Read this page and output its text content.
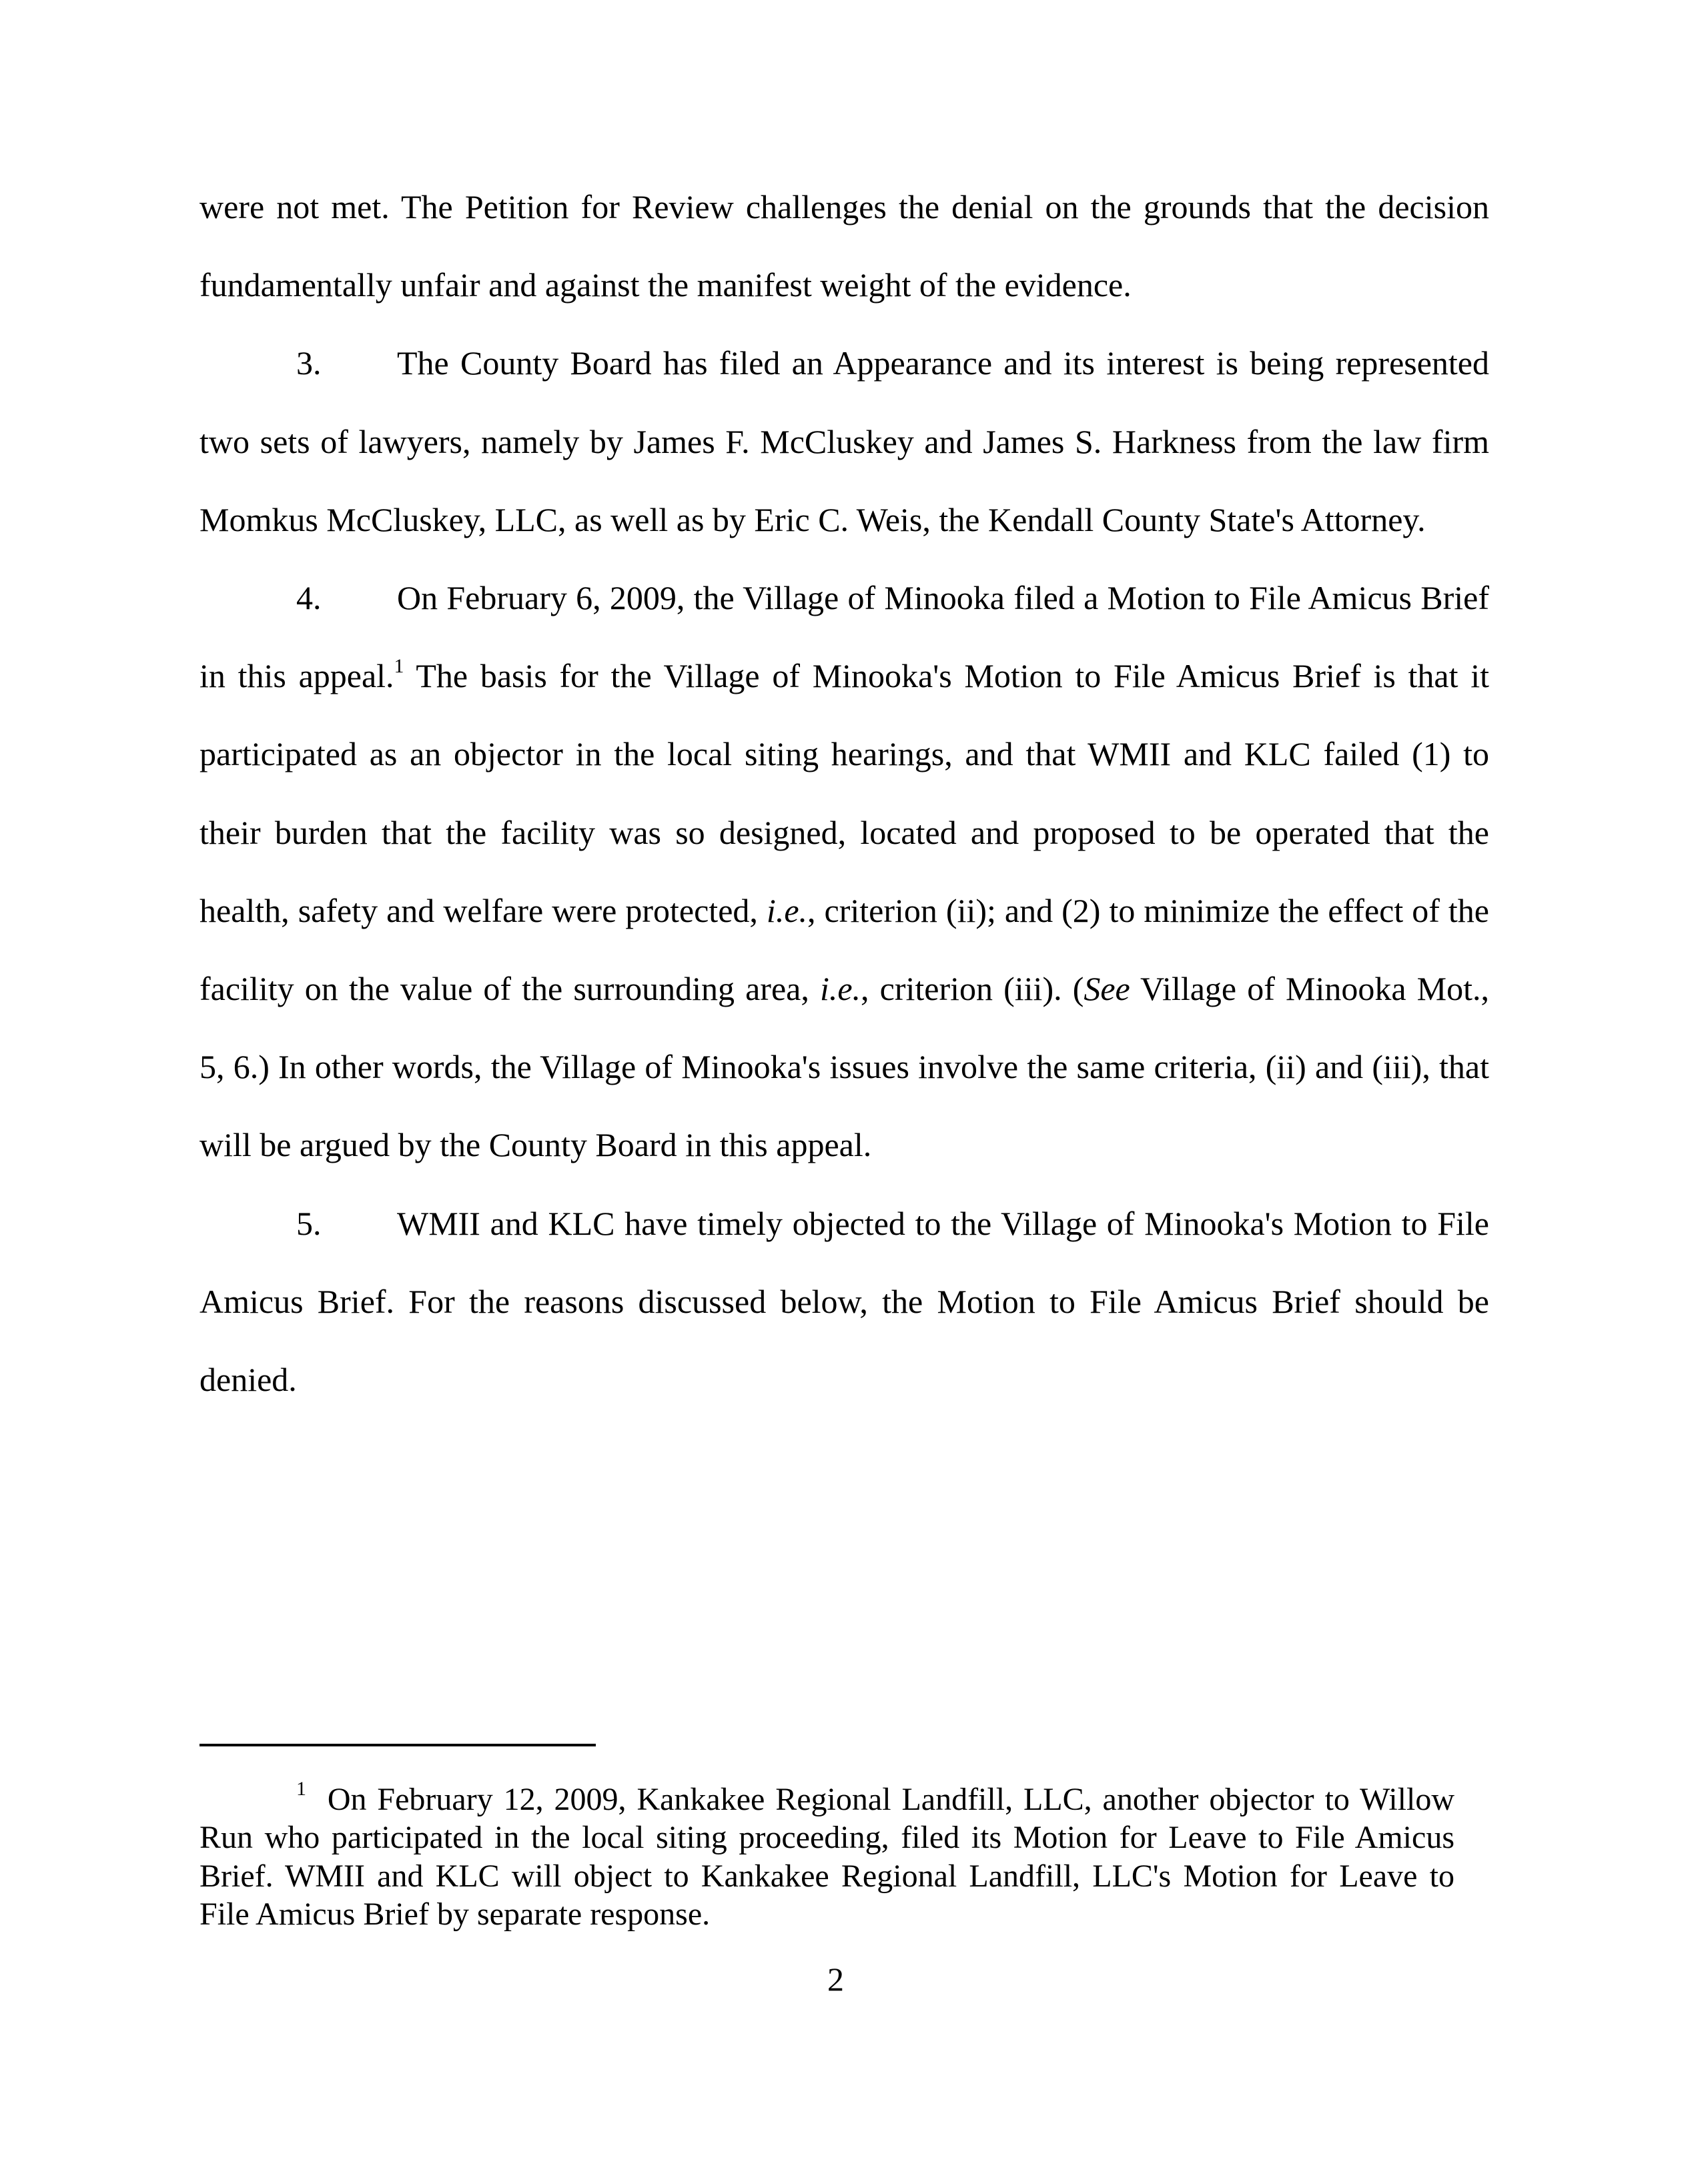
were not met. The Petition for Review challenges the denial on the grounds that the decision
fundamentally unfair and against the manifest weight of the evidence.
3. The County Board has filed an Appearance and its interest is being represented
two sets of lawyers, namely by James F. McCluskey and James S. Harkness from the law firm
Momkus McCluskey, LLC, as well as by Eric C. Weis, the Kendall County State's Attorney.
4. On February 6, 2009, the Village of Minooka filed a Motion to File Amicus Brief
in this appeal.$^1$ The basis for the Village of Minooka's Motion to File Amicus Brief is that it
participated as an objector in the local siting hearings, and that WMII and KLC failed (1) to
their burden that the facility was so designed, located and proposed to be operated that the
health, safety and welfare were protected, i.e., criterion (ii); and (2) to minimize the effect of the
facility on the value of the surrounding area, i.e., criterion (iii). (See Village of Minooka Mot.,
5, 6.) In other words, the Village of Minooka's issues involve the same criteria, (ii) and (iii), that
will be argued by the County Board in this appeal.
5. WMII and KLC have timely objected to the Village of Minooka's Motion to File
Amicus Brief. For the reasons discussed below, the Motion to File Amicus Brief should be
denied.
$^1$ On February 12, 2009, Kankakee Regional Landfill, LLC, another objector to Willow
Run who participated in the local siting proceeding, filed its Motion for Leave to File Amicus
Brief. WMII and KLC will object to Kankakee Regional Landfill, LLC's Motion for Leave to
File Amicus Brief by separate response.
2
